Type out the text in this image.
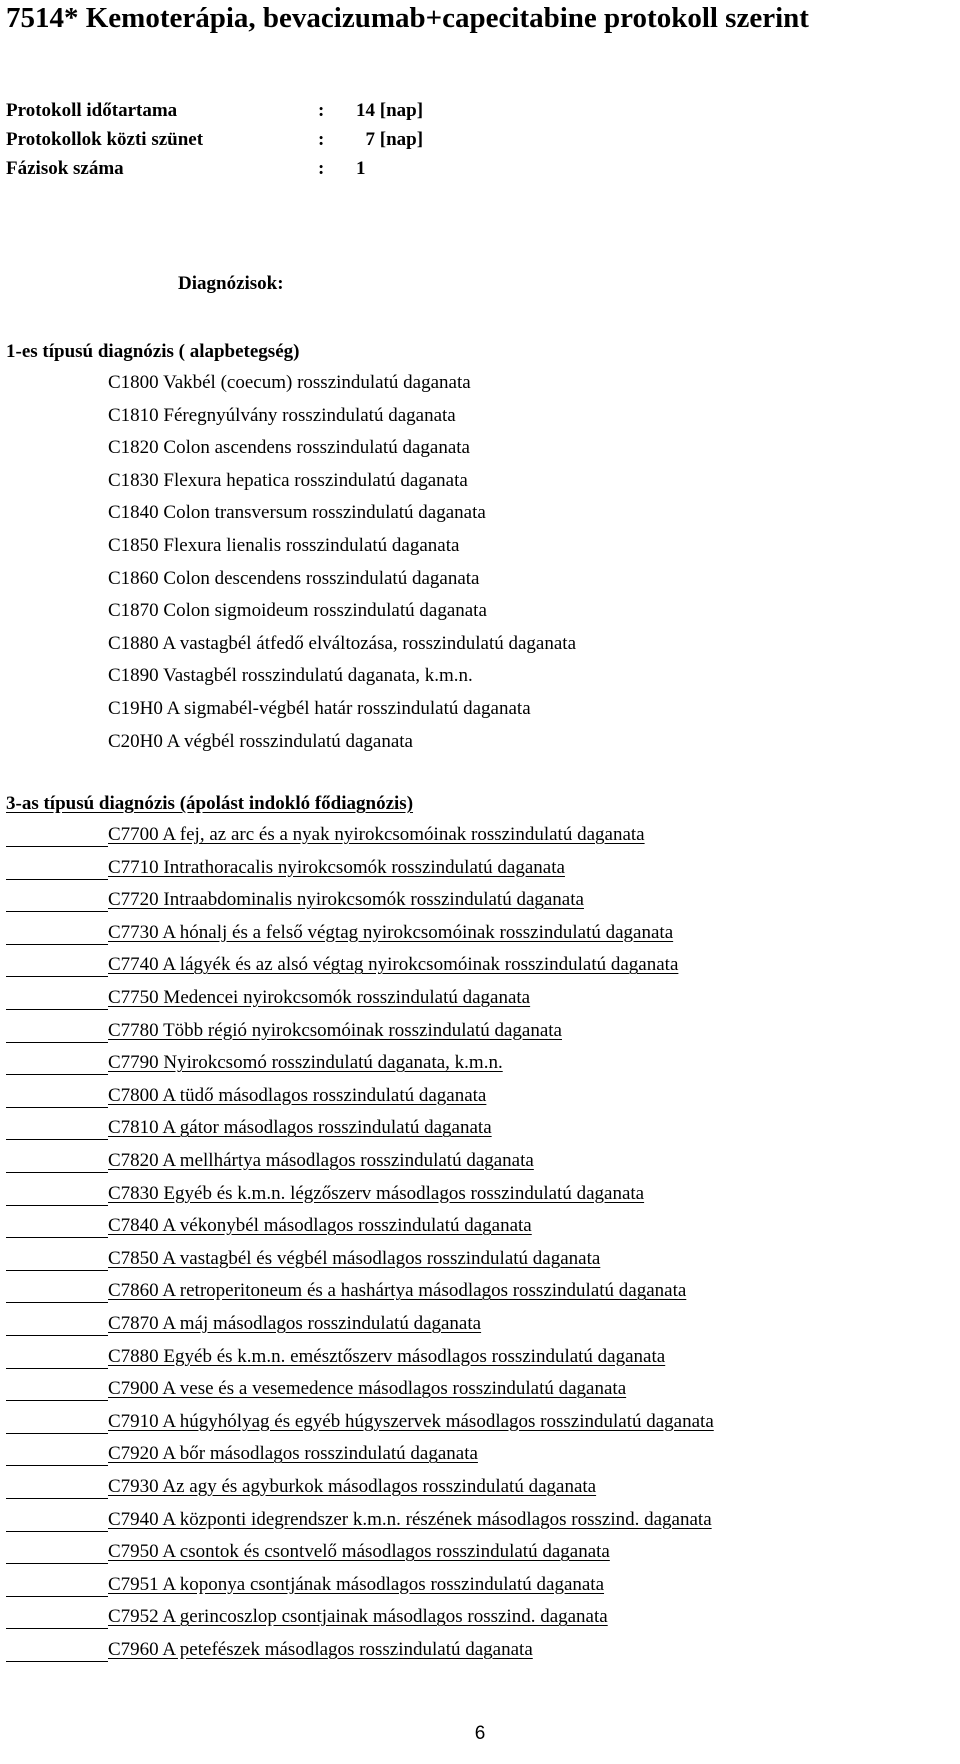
7514* Kemoterápia, bevacizumab+capecitabine protokoll szerint
Protokoll időtartama	: 14 [nap]
Protokollok közti szünet	:  7 [nap]
Fázisok száma	: 1
Diagnózisok:
1-es típusú diagnózis ( alapbetegség)
C1800 Vakbél (coecum) rosszindulatú daganata
C1810 Féregnyúlvány rosszindulatú daganata
C1820 Colon ascendens rosszindulatú daganata
C1830 Flexura hepatica rosszindulatú daganata
C1840 Colon transversum rosszindulatú daganata
C1850 Flexura lienalis rosszindulatú daganata
C1860 Colon descendens rosszindulatú daganata
C1870 Colon sigmoideum rosszindulatú daganata
C1880 A vastagbél átfedő elváltozása, rosszindulatú daganata
C1890 Vastagbél rosszindulatú daganata, k.m.n.
C19H0 A sigmabél-végbél határ rosszindulatú daganata
C20H0 A végbél rosszindulatú daganata
3-as típusú diagnózis (ápolást indokló fődiagnózis)
C7700 A fej, az arc és a nyak nyirokcsomóinak rosszindulatú daganata
C7710 Intrathoracalis nyirokcsomók rosszindulatú daganata
C7720 Intraabdominalis nyirokcsomók rosszindulatú daganata
C7730 A hónalj és a felső végtag nyirokcsomóinak rosszindulatú daganata
C7740 A lágyék és az alsó végtag nyirokcsomóinak rosszindulatú daganata
C7750 Medencei nyirokcsomók rosszindulatú daganata
C7780 Több régió nyirokcsomóinak rosszindulatú daganata
C7790 Nyirokcsomó rosszindulatú daganata, k.m.n.
C7800 A tüdő másodlagos rosszindulatú daganata
C7810 A gátor másodlagos rosszindulatú daganata
C7820 A mellhártya másodlagos rosszindulatú daganata
C7830 Egyéb és k.m.n. légzőszerv másodlagos rosszindulatú daganata
C7840 A vékonybél másodlagos rosszindulatú daganata
C7850 A vastagbél és végbél másodlagos rosszindulatú daganata
C7860 A retroperitoneum és a hashártya másodlagos rosszindulatú daganata
C7870 A máj másodlagos rosszindulatú daganata
C7880 Egyéb és k.m.n. emésztőszerv másodlagos rosszindulatú daganata
C7900 A vese és a vesemedence másodlagos rosszindulatú daganata
C7910 A húgyhólyag és egyéb húgyszervek másodlagos rosszindulatú daganata
C7920 A bőr másodlagos rosszindulatú daganata
C7930 Az agy és agyburkok másodlagos rosszindulatú daganata
C7940 A központi idegrendszer k.m.n. részének másodlagos rosszind. daganata
C7950 A csontok és csontvelő másodlagos rosszindulatú daganata
C7951 A koponya csontjának másodlagos rosszindulatú daganata
C7952 A gerincoszlop csontjainak másodlagos rosszind. daganata
C7960 A petefészek másodlagos rosszindulatú daganata
6
